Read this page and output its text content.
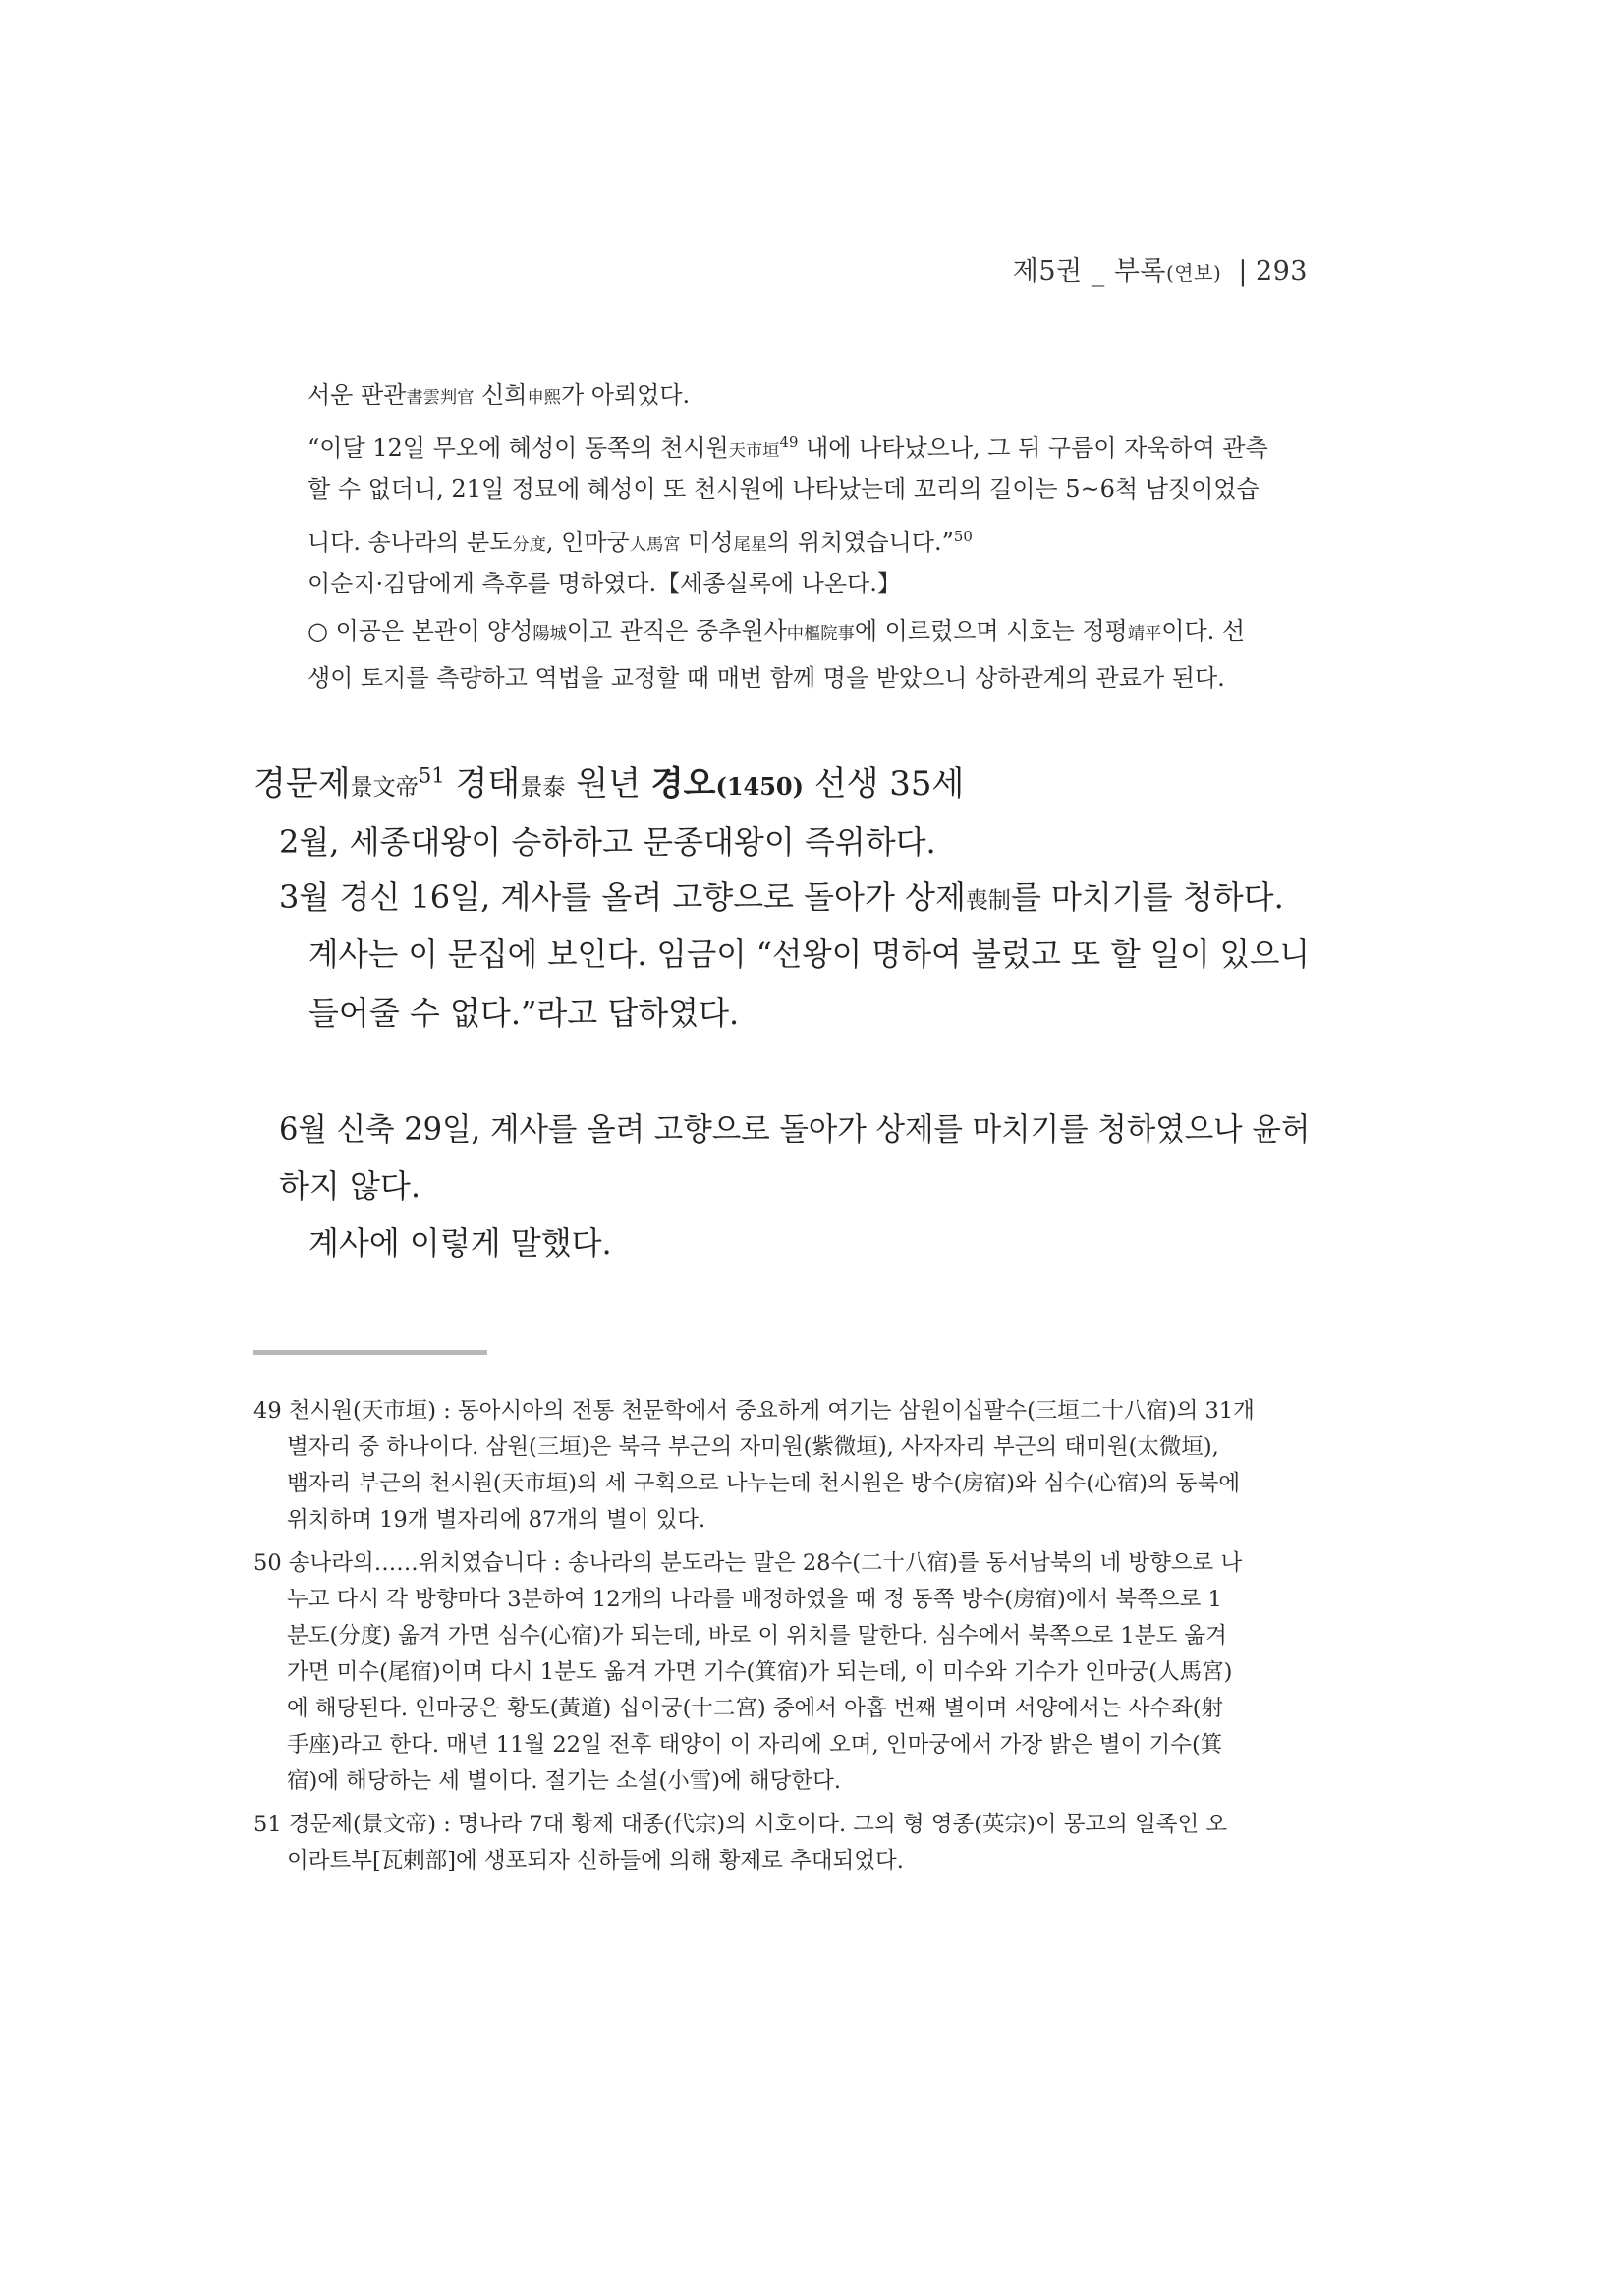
제5권 _ 부록(연보) | 293
서운 판관書雲判官 신희申熙가 아뢰었다.
“이달 12일 무오에 혜성이 동쪽의 천시원天市垣$^{49}$ 내에 나타났으나, 그 뒤 구름이 자욱하여 관측
할 수 없더니, 21일 정묘에 혜성이 또 천시원에 나타났는데 꼬리의 길이는 5~6척 남짓이었습
니다. 송나라의 분도分度, 인마궁人馬宮 미성尾星의 위치였습니다.”$^{50}$
이순지·김담에게 측후를 명하였다.【세종실록에 나온다.】
○ 이공은 본관이 양성陽城이고 관직은 중추원사中樞院事에 이르렀으며 시호는 정평靖平이다. 선
생이 토지를 측량하고 역법을 교정할 때 매번 함께 명을 받았으니 상하관계의 관료가 된다.
경문제景文帝$^{51}$ 경태景泰 원년 경오(1450) 선생 35세
2월, 세종대왕이 승하하고 문종대왕이 즉위하다.
3월 경신 16일, 계사를 올려 고향으로 돌아가 상제喪制를 마치기를 청하다.
계사는 이 문집에 보인다. 임금이 “선왕이 명하여 불렀고 또 할 일이 있으니
들어줄 수 없다.”라고 답하였다.
6월 신축 29일, 계사를 올려 고향으로 돌아가 상제를 마치기를 청하였으나 윤허
하지 않다.
계사에 이렇게 말했다.
49 천시원(天市垣) : 동아시아의 전통 천문학에서 중요하게 여기는 삼원이십팔수(三垣二十八宿)의 31개
별자리 중 하나이다. 삼원(三垣)은 북극 부근의 자미원(紫微垣), 사자자리 부근의 태미원(太微垣),
뱀자리 부근의 천시원(天市垣)의 세 구획으로 나누는데 천시원은 방수(房宿)와 심수(心宿)의 동북에
위치하며 19개 별자리에 87개의 별이 있다.
50 송나라의……위치였습니다 : 송나라의 분도라는 말은 28수(二十八宿)를 동서남북의 네 방향으로 나
누고 다시 각 방향마다 3분하여 12개의 나라를 배정하였을 때 정 동쪽 방수(房宿)에서 북쪽으로 1
분도(分度) 옮겨 가면 심수(心宿)가 되는데, 바로 이 위치를 말한다. 심수에서 북쪽으로 1분도 옮겨
가면 미수(尾宿)이며 다시 1분도 옮겨 가면 기수(箕宿)가 되는데, 이 미수와 기수가 인마궁(人馬宮)
에 해당된다. 인마궁은 황도(黃道) 십이궁(十二宮) 중에서 아홉 번째 별이며 서양에서는 사수좌(射
手座)라고 한다. 매년 11월 22일 전후 태양이 이 자리에 오며, 인마궁에서 가장 밝은 별이 기수(箕
宿)에 해당하는 세 별이다. 절기는 소설(小雪)에 해당한다.
51 경문제(景文帝) : 명나라 7대 황제 대종(代宗)의 시호이다. 그의 형 영종(英宗)이 몽고의 일족인 오
이라트부[瓦剌部]에 생포되자 신하들에 의해 황제로 추대되었다.
